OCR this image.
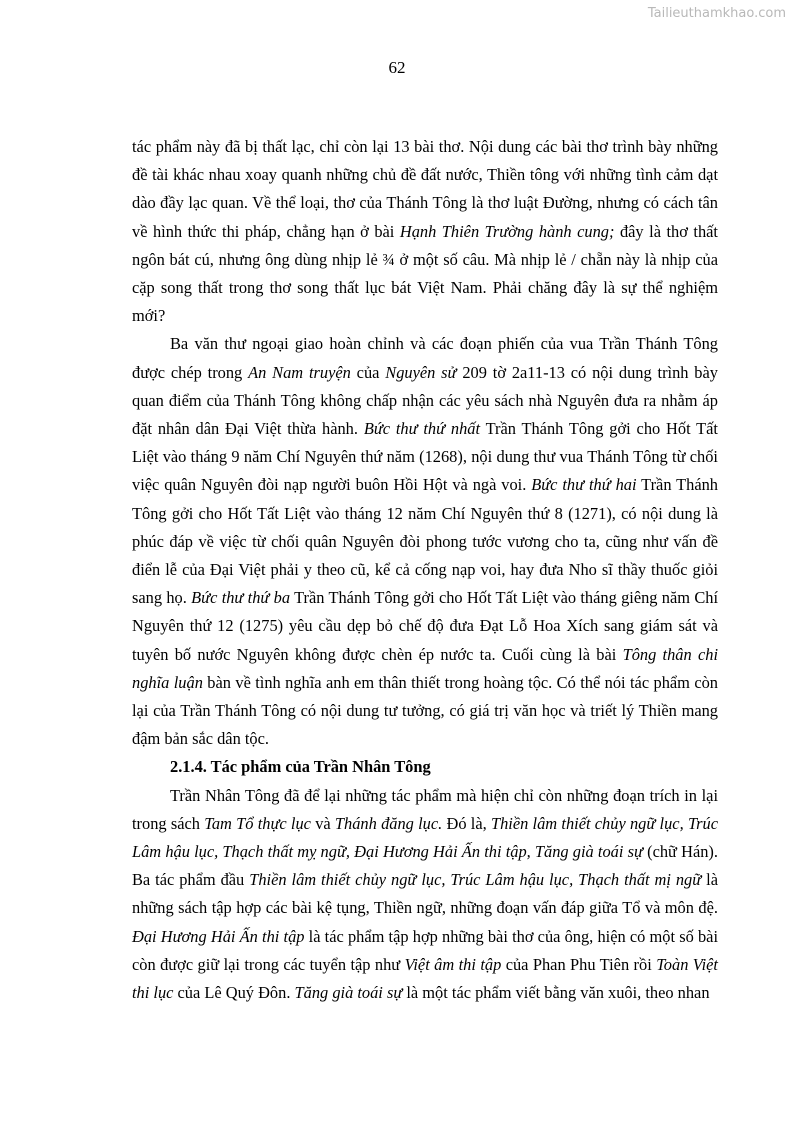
Tailieuthamkhao.com
62

tác phẩm này đã bị thất lạc, chỉ còn lại 13 bài thơ. Nội dung các bài thơ trình bày những đề tài khác nhau xoay quanh những chủ đề đất nước, Thiền tông với những tình cảm dạt dào đầy lạc quan. Về thể loại, thơ của Thánh Tông là thơ luật Đường, nhưng có cách tân về hình thức thi pháp, chẳng hạn ở bài Hạnh Thiên Trường hành cung; đây là thơ thất ngôn bát cú, nhưng ông dùng nhịp lẻ ¾ ở một số câu. Mà nhịp lẻ / chẵn này là nhịp của cặp song thất trong thơ song thất lục bát Việt Nam. Phải chăng đây là sự thể nghiệm mới?

Ba văn thư ngoại giao hoàn chỉnh và các đoạn phiến của vua Trần Thánh Tông được chép trong An Nam truyện của Nguyên sử 209 tờ 2a11-13 có nội dung trình bày quan điểm của Thánh Tông không chấp nhận các yêu sách nhà Nguyên đưa ra nhằm áp đặt nhân dân Đại Việt thừa hành. Bức thư thứ nhất Trần Thánh Tông gởi cho Hốt Tất Liệt vào tháng 9 năm Chí Nguyên thứ năm (1268), nội dung thư vua Thánh Tông từ chối việc quân Nguyên đòi nạp người buôn Hồi Hột và ngà voi. Bức thư thứ hai Trần Thánh Tông gởi cho Hốt Tất Liệt vào tháng 12 năm Chí Nguyên thứ 8 (1271), có nội dung là phúc đáp về việc từ chối quân Nguyên đòi phong tước vương cho ta, cũng như vấn đề điển lễ của Đại Việt phải y theo cũ, kể cả cống nạp voi, hay đưa Nho sĩ thầy thuốc giỏi sang họ. Bức thư thứ ba Trần Thánh Tông gởi cho Hốt Tất Liệt vào tháng giêng năm Chí Nguyên thứ 12 (1275) yêu cầu dẹp bỏ chế độ đưa Đạt Lỗ Hoa Xích sang giám sát và tuyên bố nước Nguyên không được chèn ép nước ta. Cuối cùng là bài Tông thân chi nghĩa luận bàn về tình nghĩa anh em thân thiết trong hoàng tộc. Có thể nói tác phẩm còn lại của Trần Thánh Tông có nội dung tư tưởng, có giá trị văn học và triết lý Thiền mang đậm bản sắc dân tộc.

2.1.4. Tác phẩm của Trần Nhân Tông

Trần Nhân Tông đã để lại những tác phẩm mà hiện chỉ còn những đoạn trích in lại trong sách Tam Tổ thực lục và Thánh đăng lục. Đó là, Thiền lâm thiết chủy ngữ lục, Trúc Lâm hậu lục, Thạch thất mỵ ngữ, Đại Hương Hải Ấn thi tập, Tăng già toái sự (chữ Hán). Ba tác phẩm đầu Thiền lâm thiết chủy ngữ lục, Trúc Lâm hậu lục, Thạch thất mị ngữ là những sách tập hợp các bài kệ tụng, Thiền ngữ, những đoạn vấn đáp giữa Tổ và môn đệ. Đại Hương Hải Ấn thi tập là tác phẩm tập hợp những bài thơ của ông, hiện có một số bài còn được giữ lại trong các tuyển tập như Việt âm thi tập của Phan Phu Tiên rồi Toàn Việt thi lục của Lê Quý Đôn. Tăng già toái sự là một tác phẩm viết bằng văn xuôi, theo nhan
